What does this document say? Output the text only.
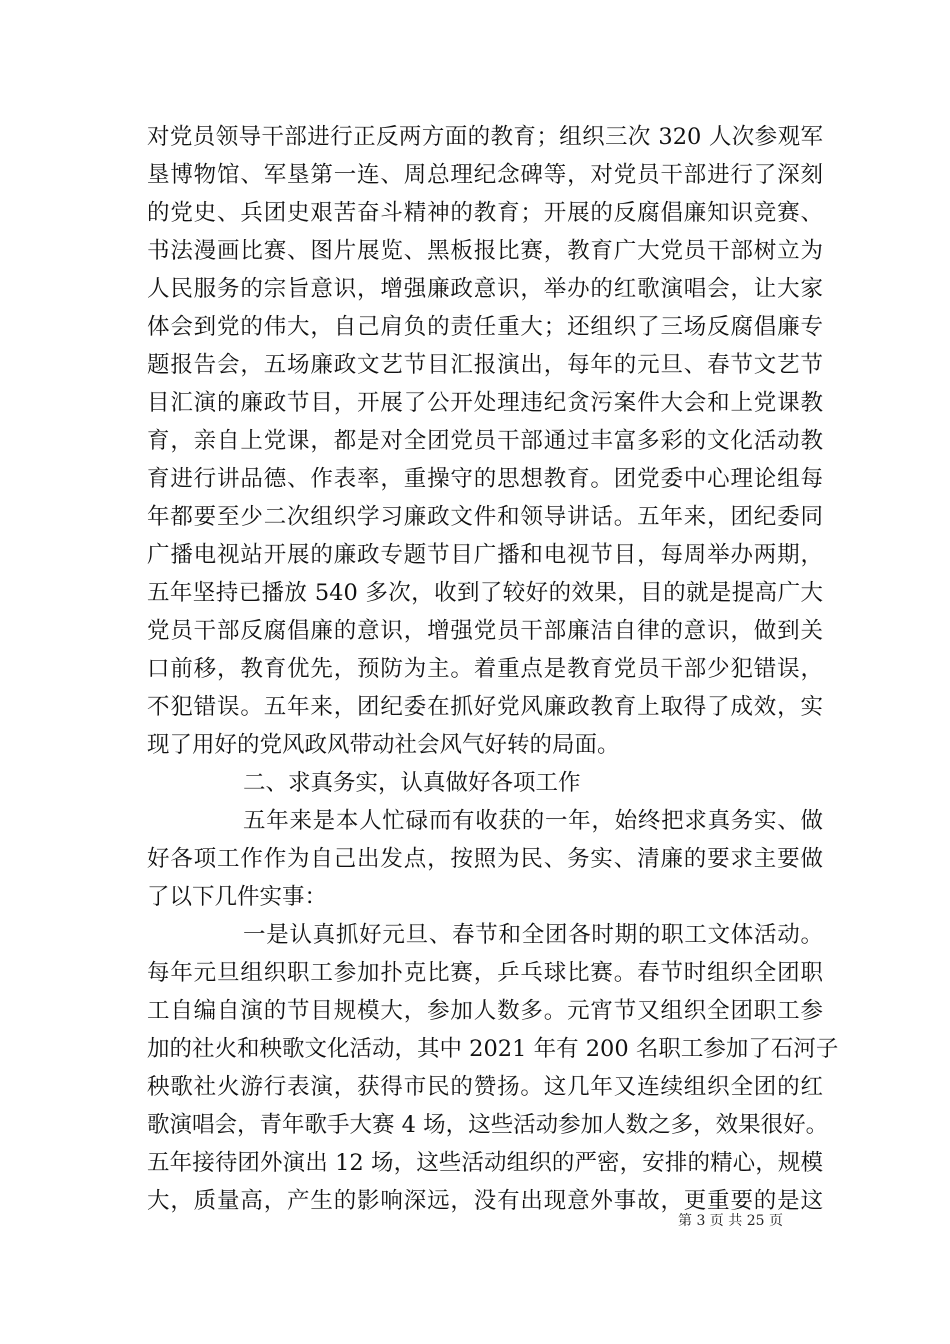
对党员领导干部进行正反两方面的教育；组织三次 320 人次参观军
垦博物馆、军垦第一连、周总理纪念碑等，对党员干部进行了深刻
的党史、兵团史艰苦奋斗精神的教育；开展的反腐倡廉知识竞赛、
书法漫画比赛、图片展览、黑板报比赛，教育广大党员干部树立为
人民服务的宗旨意识，增强廉政意识，举办的红歌演唱会，让大家
体会到党的伟大，自己肩负的责任重大；还组织了三场反腐倡廉专
题报告会，五场廉政文艺节目汇报演出，每年的元旦、春节文艺节
目汇演的廉政节目，开展了公开处理违纪贪污案件大会和上党课教
育，亲自上党课，都是对全团党员干部通过丰富多彩的文化活动教
育进行讲品德、作表率，重操守的思想教育。团党委中心理论组每
年都要至少二次组织学习廉政文件和领导讲话。五年来，团纪委同
广播电视站开展的廉政专题节目广播和电视节目，每周举办两期，
五年坚持已播放 540 多次，收到了较好的效果，目的就是提高广大
党员干部反腐倡廉的意识，增强党员干部廉洁自律的意识，做到关
口前移，教育优先，预防为主。着重点是教育党员干部少犯错误，
不犯错误。五年来，团纪委在抓好党风廉政教育上取得了成效，实
现了用好的党风政风带动社会风气好转的局面。
二、求真务实，认真做好各项工作
五年来是本人忙碌而有收获的一年，始终把求真务实、做
好各项工作作为自己出发点，按照为民、务实、清廉的要求主要做
了以下几件实事：
一是认真抓好元旦、春节和全团各时期的职工文体活动。
每年元旦组织职工参加扑克比赛，乒乓球比赛。春节时组织全团职
工自编自演的节目规模大，参加人数多。元宵节又组织全团职工参
加的社火和秧歌文化活动，其中 2021 年有 200 名职工参加了石河子
秧歌社火游行表演，获得市民的赞扬。这几年又连续组织全团的红
歌演唱会，青年歌手大赛 4 场，这些活动参加人数之多，效果很好。
五年接待团外演出 12 场，这些活动组织的严密，安排的精心，规模
大，质量高，产生的影响深远，没有出现意外事故，更重要的是这
第 3 页 共 25 页
